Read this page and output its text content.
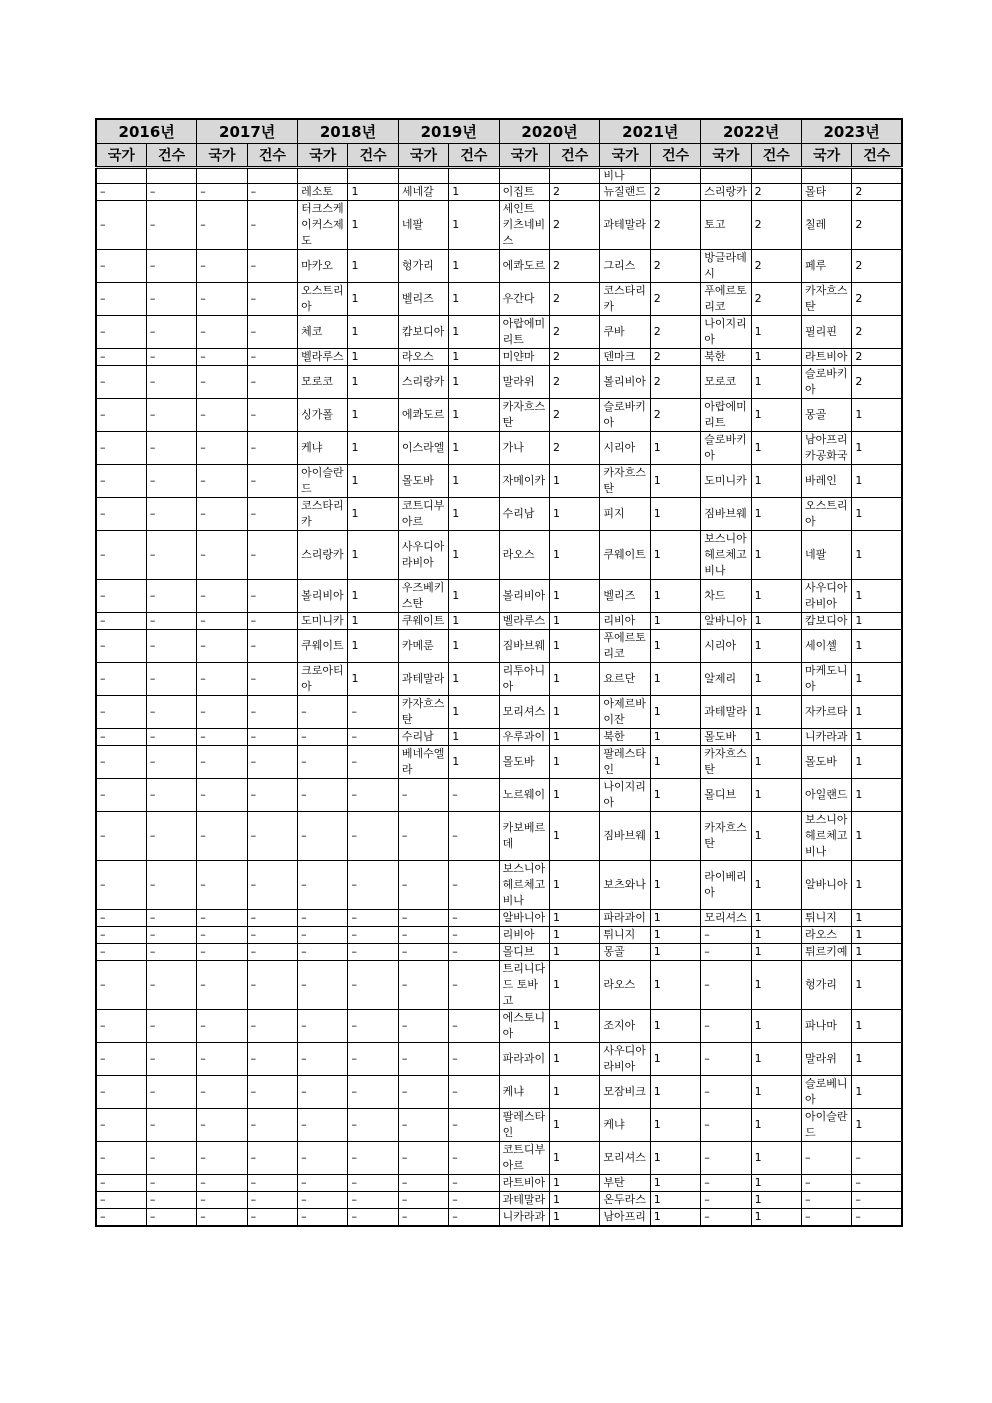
2016년		2017년		2018년		2019년		2020년		2021년		2022년		2023년	
국가	건수	국가	건수	국가	건수	국가	건수	국가	건수	국가	건수	국가	건수	국가	건수
										비나					
–	–	–	–	레소토	1	세네갈	1	이집트	2	뉴질랜드	2	스리랑카	2	몰타	2
–	–	–	–	터크스케이커스제도	1	네팔	1	세인트 키츠네비스	2	과테말라	2	토고	2	칠레	2
–	–	–	–	마카오	1	헝가리	1	에콰도르	2	그리스	2	방글라데시	2	페루	2
–	–	–	–	오스트리아	1	벨리즈	1	우간다	2	코스타리카	2	푸에르토리코	2	카자흐스탄	2
–	–	–	–	체코	1	캄보디아	1	아랍에미리트	2	쿠바	2	나이지리아	1	필리핀	2
–	–	–	–	벨라루스	1	라오스	1	미얀마	2	덴마크	2	북한	1	라트비아	2
–	–	–	–	모로코	1	스리랑카	1	말라위	2	볼리비아	2	모로코	1	슬로바키아	2
–	–	–	–	싱가폴	1	에콰도르	1	카자흐스탄	2	슬로바키아	2	아랍에미리트	1	몽골	1
–	–	–	–	케냐	1	이스라엘	1	가나	2	시리아	1	슬로바키아	1	남아프리카공화국	1
–	–	–	–	아이슬란드	1	몰도바	1	자메이카	1	카자흐스탄	1	도미니카	1	바레인	1
–	–	–	–	코스타리카	1	코트디부아르	1	수리남	1	피지	1	짐바브웨	1	오스트리아	1
–	–	–	–	스리랑카	1	사우디아라비아	1	라오스	1	쿠웨이트	1	보스니아헤르체고비나	1	네팔	1
–	–	–	–	볼리비아	1	우즈베키스탄	1	볼리비아	1	벨리즈	1	차드	1	사우디아라비아	1
–	–	–	–	도미니카	1	쿠웨이트	1	벨라루스	1	리비아	1	알바니아	1	캄보디아	1
–	–	–	–	쿠웨이트	1	카메룬	1	짐바브웨	1	푸에르토리코	1	시리아	1	세이셸	1
–	–	–	–	크로아티아	1	과테말라	1	리투아니아	1	요르단	1	알제리	1	마케도니아	1
–	–	–	–	–	–	카자흐스탄	1	모리셔스	1	아제르바이잔	1	과테말라	1	자카르타	1
–	–	–	–	–	–	수리남	1	우루과이	1	북한	1	몰도바	1	니카라과	1
–	–	–	–	–	–	베네수엘라	1	몰도바	1	팔레스타인	1	카자흐스탄	1	몰도바	1
–	–	–	–	–	–	–	–	노르웨이	1	나이지리아	1	몰디브	1	아일랜드	1
–	–	–	–	–	–	–	–	카보베르데	1	짐바브웨	1	카자흐스탄	1	보스니아헤르체고비나	1
–	–	–	–	–	–	–	–	보스니아헤르체고비나	1	보츠와나	1	라이베리아	1	알바니아	1
–	–	–	–	–	–	–	–	알바니아	1	파라과이	1	모리셔스	1	튀니지	1
–	–	–	–	–	–	–	–	리비아	1	튀니지	1	–	1	라오스	1
–	–	–	–	–	–	–	–	몰디브	1	몽골	1	–	1	튀르키예	1
–	–	–	–	–	–	–	–	트리니다드 토바고	1	라오스	1	–	1	헝가리	1
–	–	–	–	–	–	–	–	에스토니아	1	조지아	1	–	1	파나마	1
–	–	–	–	–	–	–	–	파라과이	1	사우디아라비아	1	–	1	말라위	1
–	–	–	–	–	–	–	–	케냐	1	모잠비크	1	–	1	슬로베니아	1
–	–	–	–	–	–	–	–	팔레스타인	1	케냐	1	–	1	아이슬란드	1
–	–	–	–	–	–	–	–	코트디부아르	1	모리셔스	1	–	1	–	–
–	–	–	–	–	–	–	–	라트비아	1	부탄	1	–	1	–	–
–	–	–	–	–	–	–	–	과테말라	1	온두라스	1	–	1	–	–
–	–	–	–	–	–	–	–	니카라과	1	남아프리	1	–	1	–	–
